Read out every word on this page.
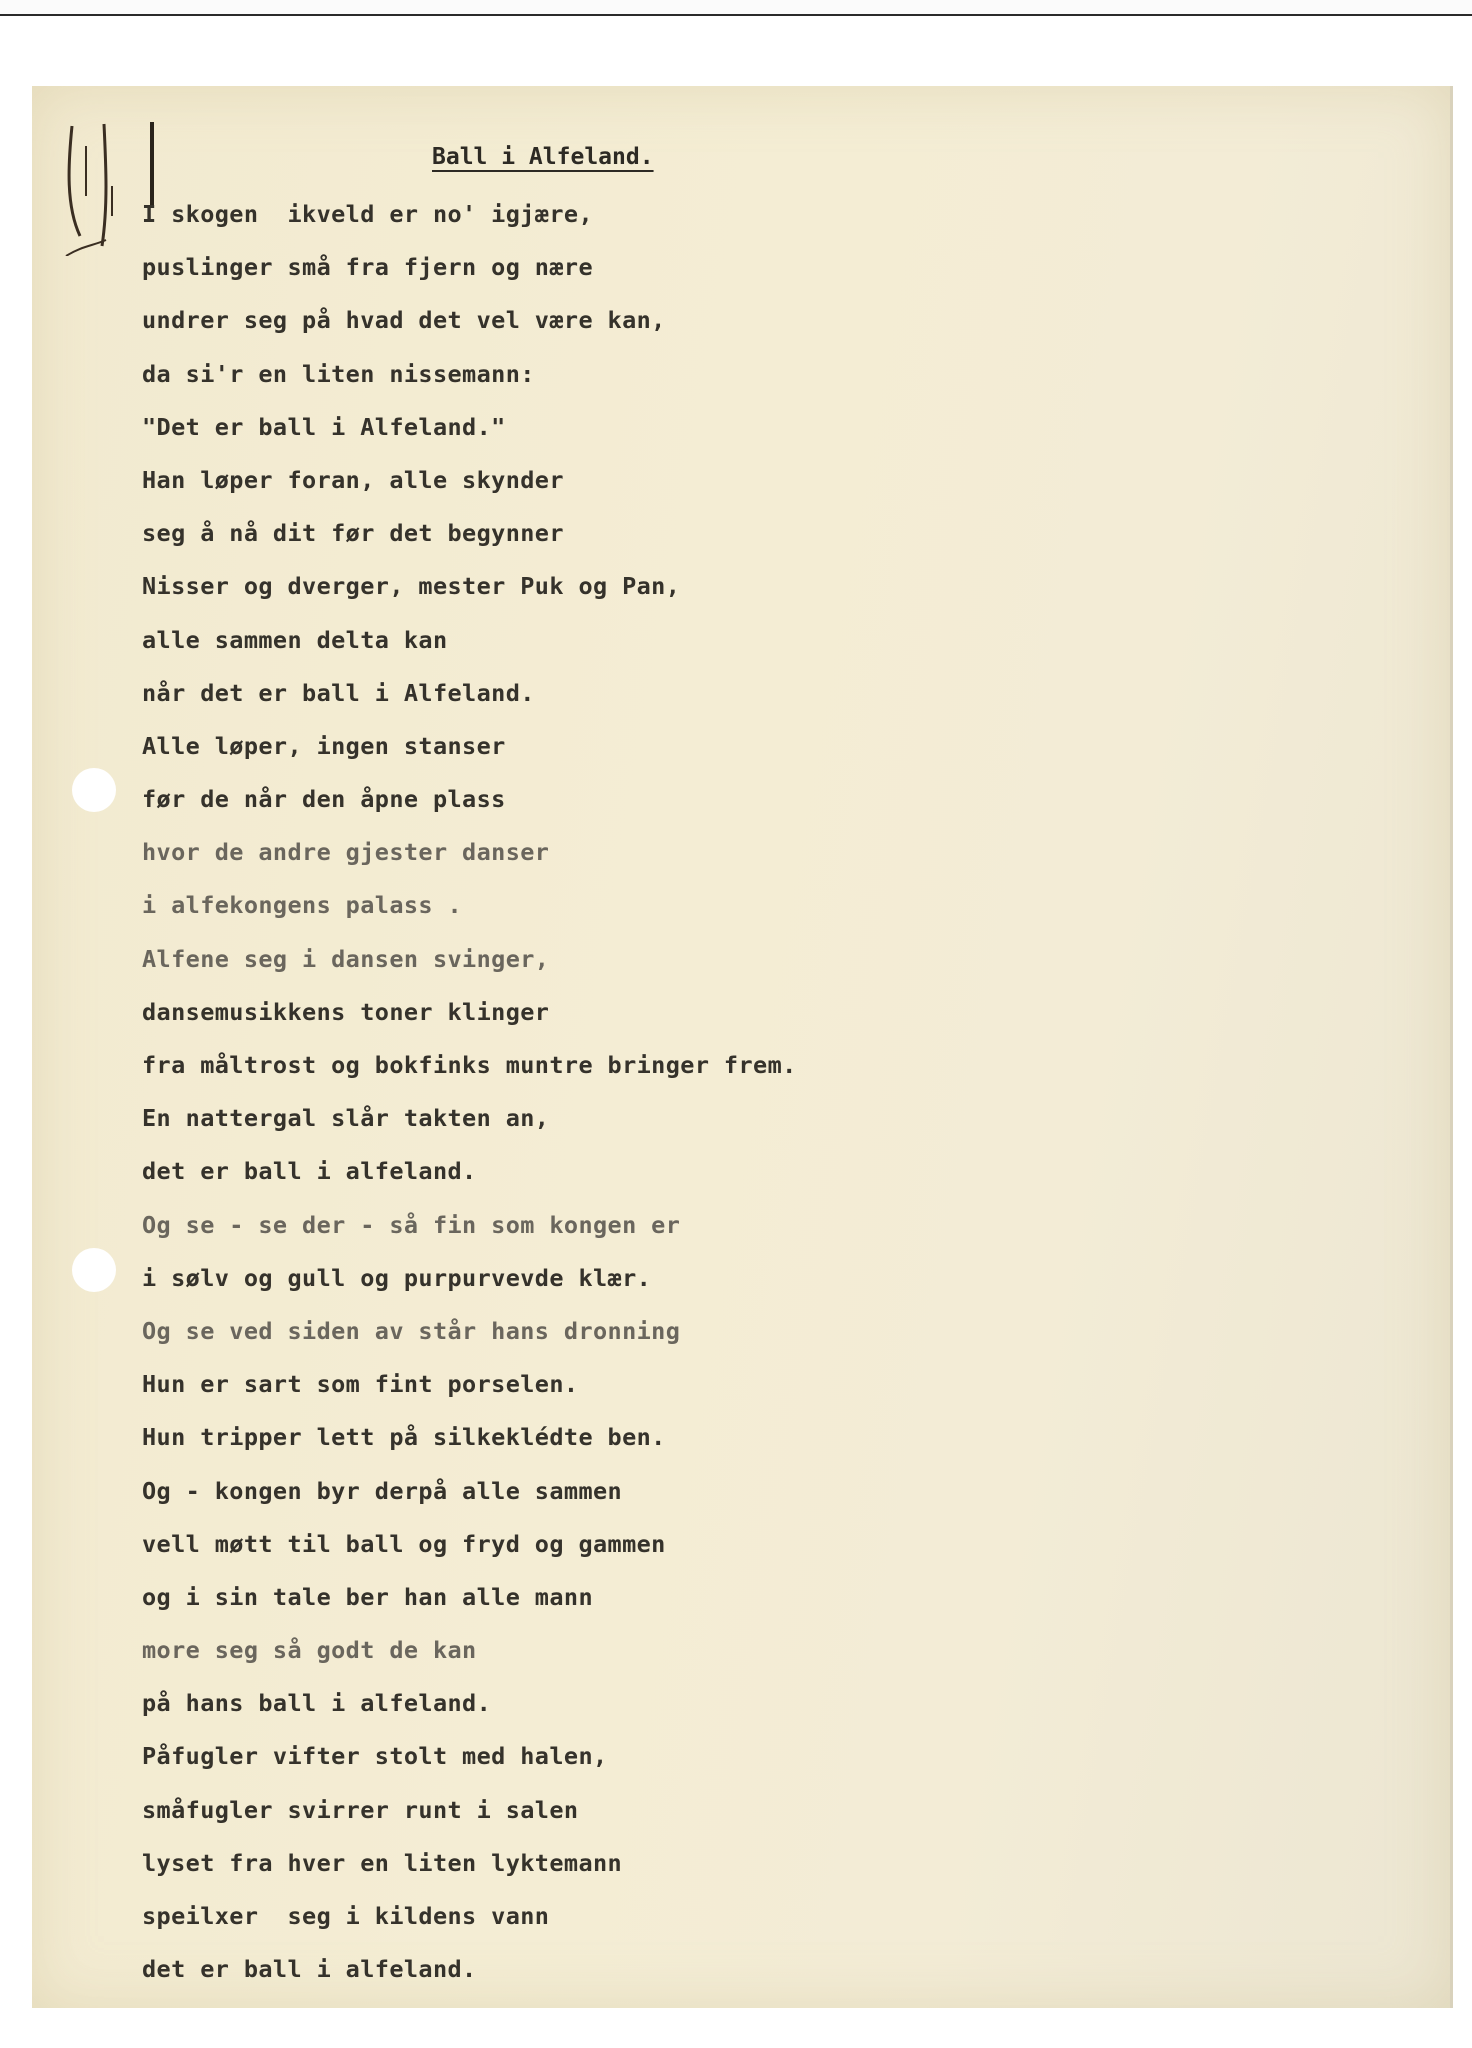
Ball i Alfeland.
I skogen  ikveld er no' igjære,
puslinger små fra fjern og nære
undrer seg på hvad det vel være kan,
da si'r en liten nissemann:
"Det er ball i Alfeland."
Han løper foran, alle skynder
seg å nå dit før det begynner
Nisser og dverger, mester Puk og Pan,
alle sammen delta kan
når det er ball i Alfeland.
Alle løper, ingen stanser
før de når den åpne plass
hvor de andre gjester danser
i alfekongens palass .
Alfene seg i dansen svinger,
dansemusikkens toner klinger
fra måltrost og bokfinks muntre bringer frem.
En nattergal slår takten an,
det er ball i alfeland.
Og se - se der - så fin som kongen er
i sølv og gull og purpurvevde klær.
Og se ved siden av står hans dronning
Hun er sart som fint porselen.
Hun tripper lett på silkeklédte ben.
Og - kongen byr derpå alle sammen
vell møtt til ball og fryd og gammen
og i sin tale ber han alle mann
more seg så godt de kan
på hans ball i alfeland.
Påfugler vifter stolt med halen,
småfugler svirrer runt i salen
lyset fra hver en liten lyktemann
speilxer  seg i kildens vann
det er ball i alfeland.
